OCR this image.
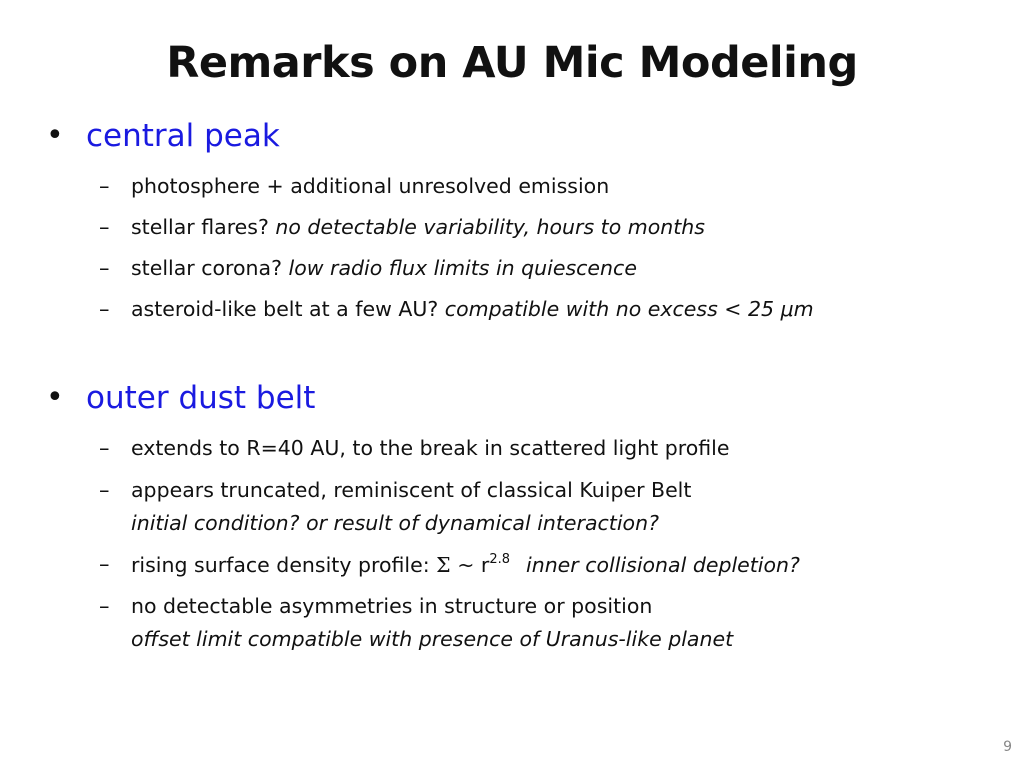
Remarks on AU Mic Modeling
• central peak
– photosphere + additional unresolved emission
– stellar flares? no detectable variability, hours to months
– stellar corona? low radio flux limits in quiescence
– asteroid-like belt at a few AU? compatible with no excess < 25 μm
• outer dust belt
– extends to R=40 AU, to the break in scattered light profile
– appears truncated, reminiscent of classical Kuiper Belt
initial condition? or result of dynamical interaction?
– rising surface density profile: Σ ~ $r^{2.8}$ inner collisional depletion?
– no detectable asymmetries in structure or position
offset limit compatible with presence of Uranus-like planet
9
